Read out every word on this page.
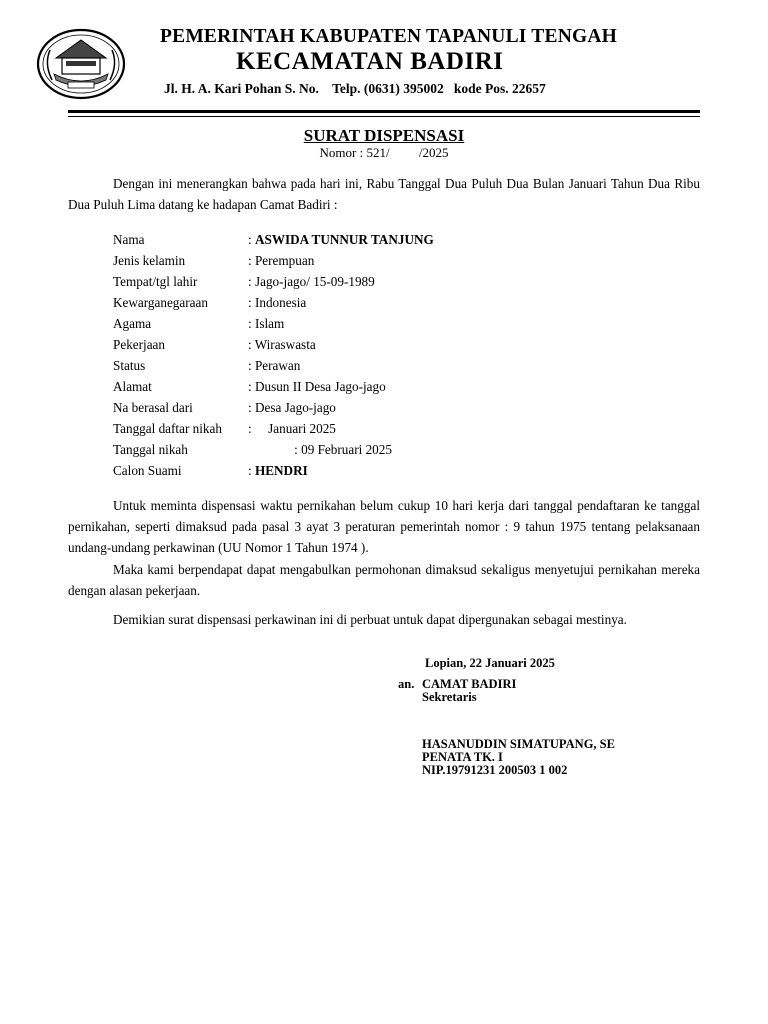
PEMERINTAH KABUPATEN TAPANULI TENGAH
KECAMATAN BADIRI
Jl. H. A. Kari Pohan S. No.    Telp. (0631) 395002   kode Pos. 22657
SURAT DISPENSASI
Nomor : 521/         /2025
Dengan ini menerangkan bahwa pada hari ini, Rabu Tanggal Dua Puluh Dua Bulan Januari Tahun Dua Ribu Dua Puluh Lima datang ke hadapan Camat Badiri :
Nama	: ASWIDA TUNNUR TANJUNG
Jenis kelamin	: Perempuan
Tempat/tgl lahir	: Jago-jago/ 15-09-1989
Kewarganegaraan	: Indonesia
Agama	: Islam
Pekerjaan	: Wiraswasta
Status	: Perawan
Alamat	: Dusun II Desa Jago-jago
Na berasal dari	: Desa Jago-jago
Tanggal daftar nikah :     Januari 2025
Tanggal nikah	: 09 Februari 2025
Calon Suami	: HENDRI
Untuk meminta dispensasi waktu pernikahan belum cukup 10 hari kerja dari tanggal pendaftaran ke tanggal pernikahan, seperti dimaksud pada pasal 3 ayat 3 peraturan pemerintah nomor : 9 tahun 1975 tentang pelaksanaan undang-undang perkawinan (UU Nomor 1 Tahun 1974 ).
Maka kami berpendapat dapat mengabulkan permohonan dimaksud sekaligus menyetujui pernikahan mereka dengan alasan pekerjaan.
Demikian surat dispensasi perkawinan ini di perbuat untuk dapat dipergunakan sebagai mestinya.
Lopian, 22 Januari 2025
an. CAMAT BADIRI
Sekretaris
HASANUDDIN SIMATUPANG, SE
PENATA TK. I
NIP.19791231 200503 1 002
